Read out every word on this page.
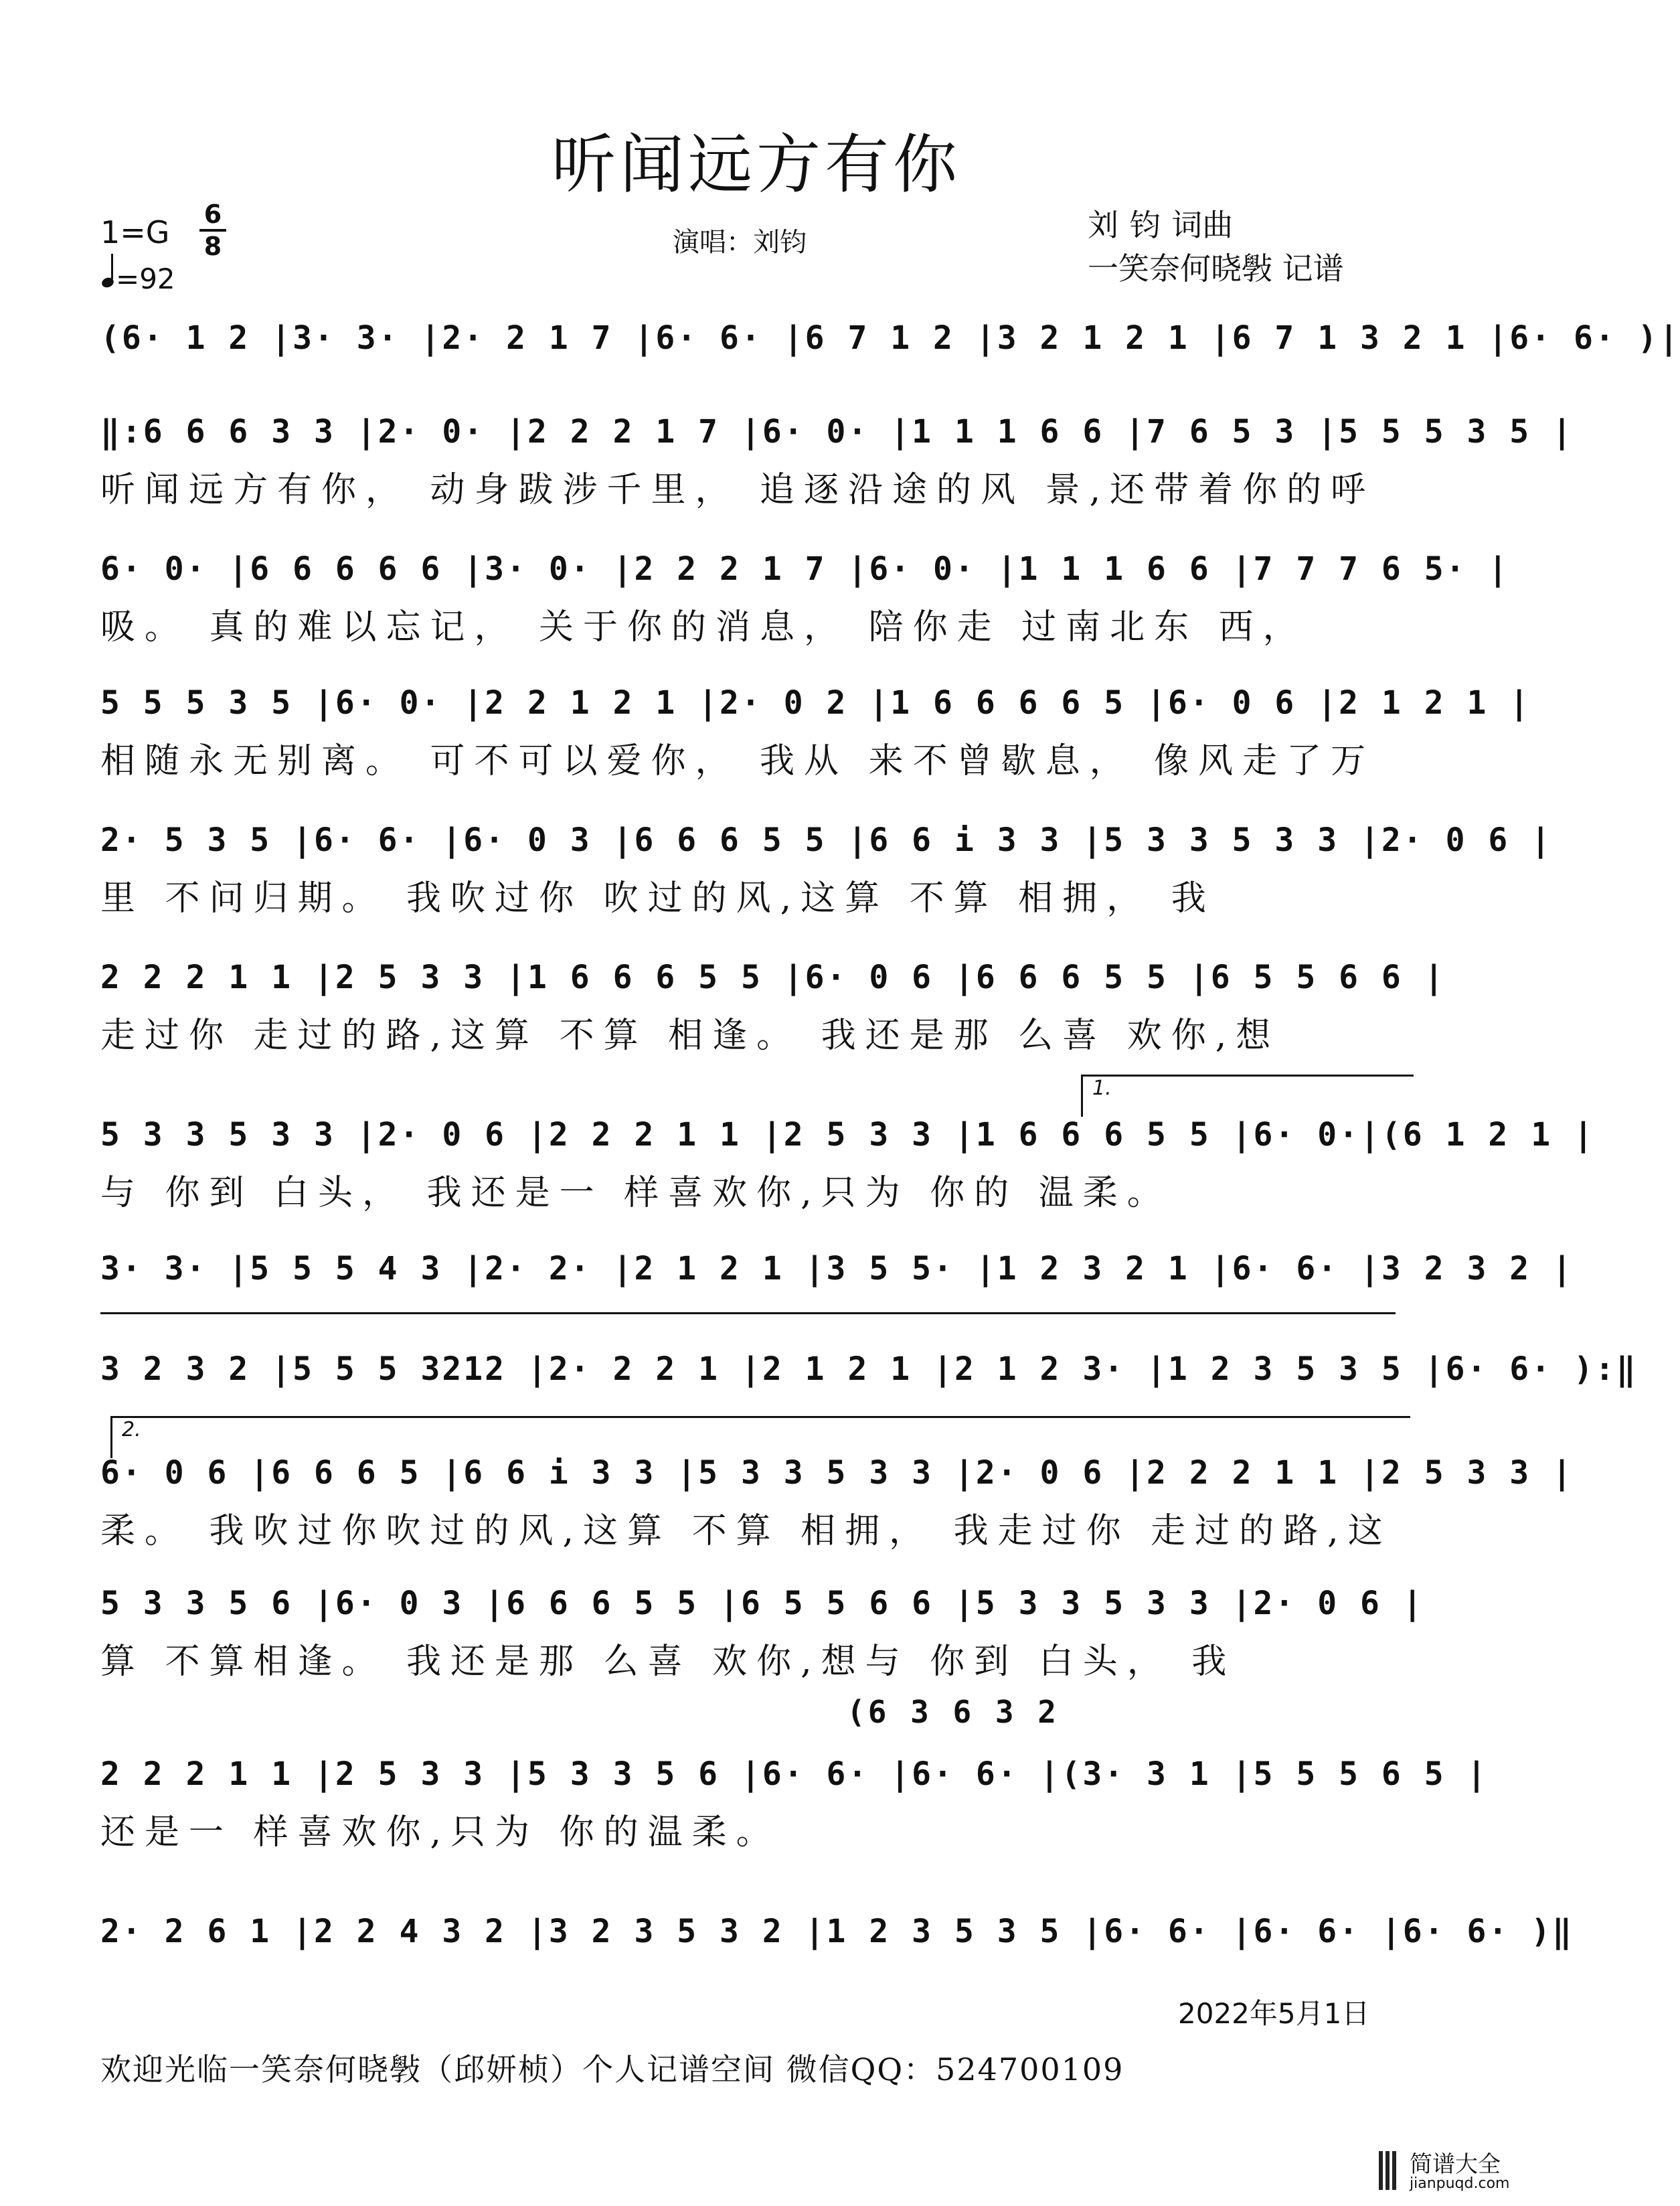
听闻远方有你
1=G 6
8
=92
演唱：刘钧	刘 钧 词曲
一笑奈何晓斅 记谱
(6· 1 2 |3· 3· |2· 2 1 7 |6· 6· |6 7 1 2 |3 2 1 2 1 |6 7 1 3 2 1 |6· 6· )|
‖:6 6 6 3 3 |2· 0· |2 2 2 1 7 |6· 0· |1 1 1 6 6 |7 6 5 3 |5 5 5 3 5 |
听闻远方有你， 动身跋涉千里， 追逐沿途的风 景,还带着你的呼
6· 0· |6 6 6 6 6 |3· 0· |2 2 2 1 7 |6· 0· |1 1 1 6 6 |7 7 7 6 5· |
吸。 真的难以忘记， 关于你的消息， 陪你走 过南北东 西，
5 5 5 3 5 |6· 0· |2 2 1 2 1 |2· 0 2 |1 6 6 6 6 5 |6· 0 6 |2 1 2 1 |
相随永无别离。 可不可以爱你， 我从 来不曾歇息， 像风走了万
2· 5 3 5 |6· 6· |6· 0 3 |6 6 6 5 5 |6 6 i 3 3 |5 3 3 5 3 3 |2· 0 6 |
里 不问归期。 我吹过你 吹过的风,这算 不算 相拥， 我
2 2 2 1 1 |2 5 3 3 |1 6 6 6 5 5 |6· 0 6 |6 6 6 5 5 |6 5 5 6 6 |
走过你 走过的路,这算 不算 相逢。 我还是那 么喜 欢你,想
1.
5 3 3 5 3 3 |2· 0 6 |2 2 2 1 1 |2 5 3 3 |1 6 6 6 5 5 |6· 0·|(6 1 2 1 |
与 你到 白头， 我还是一 样喜欢你,只为 你的 温柔。
3· 3· |5 5 5 4 3 |2· 2· |2 1 2 1 |3 5 5· |1 2 3 2 1 |6· 6· |3 2 3 2 |
3 2 3 2 |5 5 5 3212 |2· 2 2 1 |2 1 2 1 |2 1 2 3· |1 2 3 5 3 5 |6· 6· ):‖
2.
6· 0 6 |6 6 6 5 |6 6 i 3 3 |5 3 3 5 3 3 |2· 0 6 |2 2 2 1 1 |2 5 3 3 |
柔。 我吹过你吹过的风,这算 不算 相拥， 我走过你 走过的路,这
5 3 3 5 6 |6· 0 3 |6 6 6 5 5 |6 5 5 6 6 |5 3 3 5 3 3 |2· 0 6 |
算 不算相逢。 我还是那 么喜 欢你,想与 你到 白头， 我
(6 3 6 3 2
2 2 2 1 1 |2 5 3 3 |5 3 3 5 6 |6· 6· |6· 6· |(3· 3 1 |5 5 5 6 5 |
还是一 样喜欢你,只为 你的温柔。
2· 2 6 1 |2 2 4 3 2 |3 2 3 5 3 2 |1 2 3 5 3 5 |6· 6· |6· 6· |6· 6· )‖
2022年5月1日
欢迎光临一笑奈何晓斅（邱妍桢）个人记谱空间 微信QQ：524700109
简谱大全
jianpuqd.com
